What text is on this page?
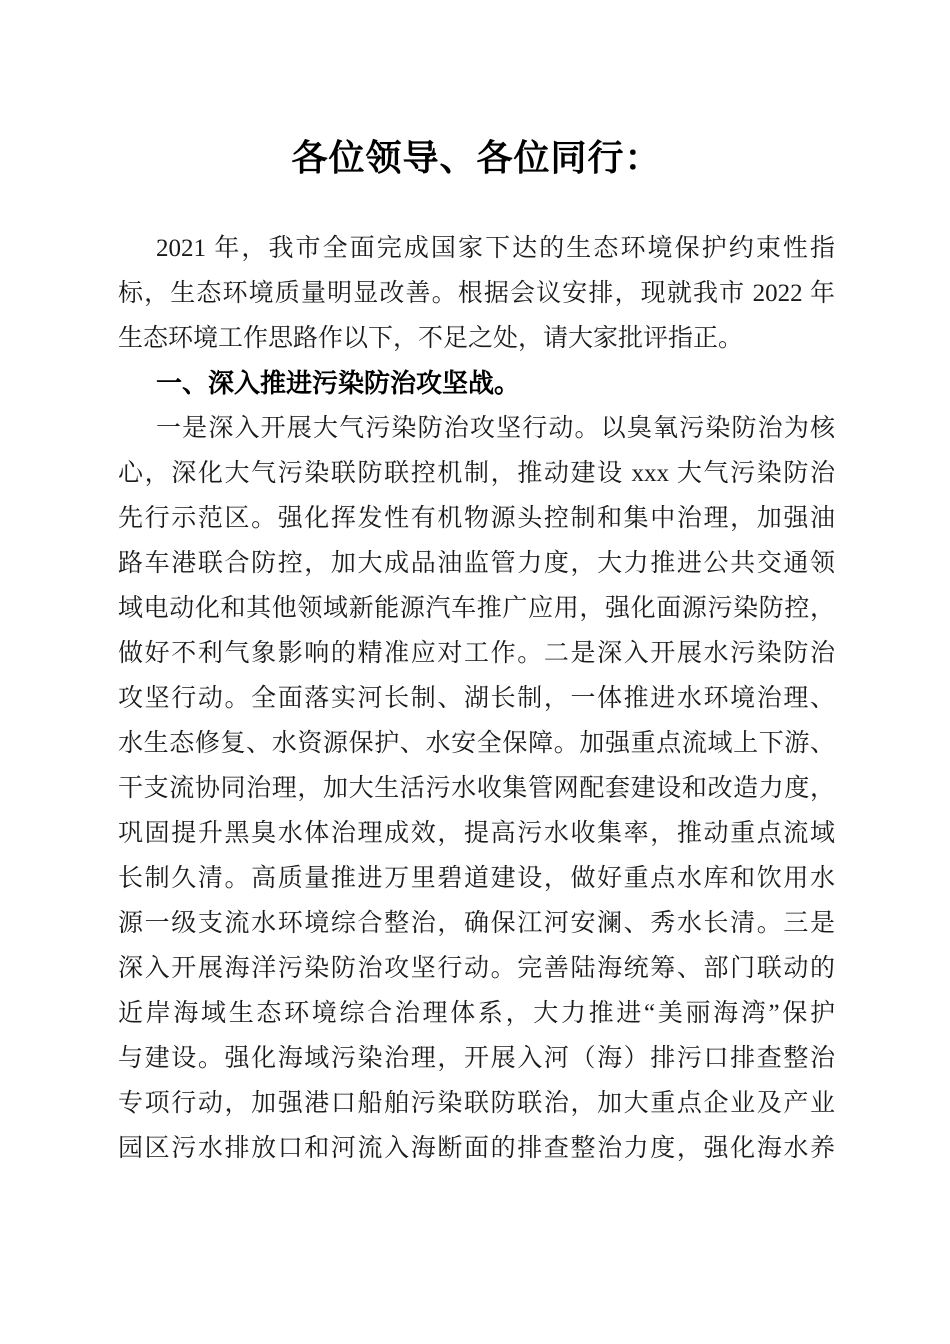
各位领导、各位同行：

2021 年，我市全面完成国家下达的生态环境保护约束性指

标，生态环境质量明显改善。根据会议安排，现就我市 2022 年

生态环境工作思路作以下，不足之处，请大家批评指正。

一、深入推进污染防治攻坚战。

一是深入开展大气污染防治攻坚行动。以臭氧污染防治为核

心，深化大气污染联防联控机制，推动建设 xxx 大气污染防治

先行示范区。强化挥发性有机物源头控制和集中治理，加强油

路车港联合防控，加大成品油监管力度，大力推进公共交通领

域电动化和其他领域新能源汽车推广应用，强化面源污染防控，

做好不利气象影响的精准应对工作。二是深入开展水污染防治

攻坚行动。全面落实河长制、湖长制，一体推进水环境治理、

水生态修复、水资源保护、水安全保障。加强重点流域上下游、

干支流协同治理，加大生活污水收集管网配套建设和改造力度，

巩固提升黑臭水体治理成效，提高污水收集率，推动重点流域

长制久清。高质量推进万里碧道建设，做好重点水库和饮用水

源一级支流水环境综合整治，确保江河安澜、秀水长清。三是

深入开展海洋污染防治攻坚行动。完善陆海统筹、部门联动的

近岸海域生态环境综合治理体系，大力推进“美丽海湾”保护

与建设。强化海域污染治理，开展入河（海）排污口排查整治

专项行动，加强港口船舶污染联防联治，加大重点企业及产业

园区污水排放口和河流入海断面的排查整治力度，强化海水养
